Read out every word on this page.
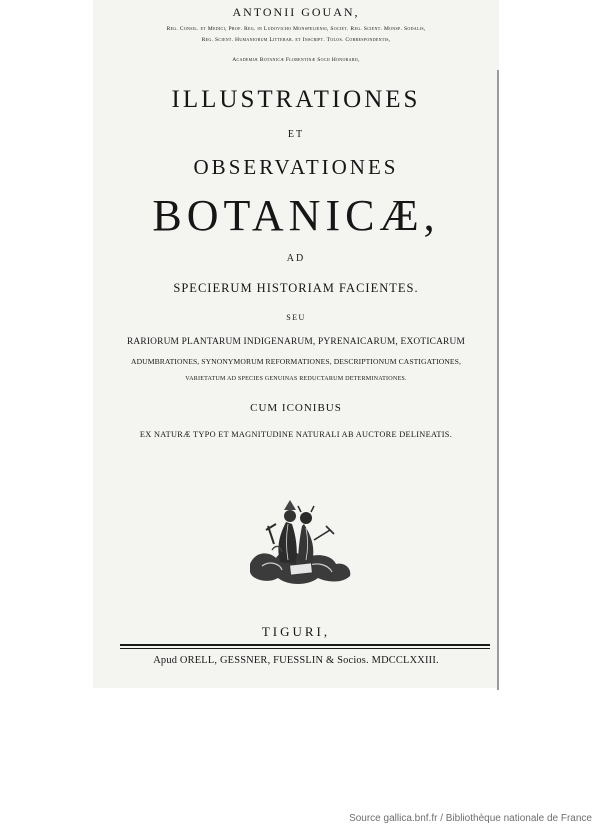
ANTONII GOUAN,
Reg. Consil. et Medici, Prof. Reg. in Ludovicho Monspeliensi, Societ. Reg. Scient. Monsp. Sodalis,
Reg. Scient. Humaniorum Litterar. et Inscript. Tolos. Correspondentis,
Academiæ Botanicæ Florentinæ Socii Honorarii,
ILLUSTRATIONES
ET
OBSERVATIONES
BOTANICÆ,
AD
SPECIERUM HISTORIAM FACIENTES.
SEU
RARIORUM PLANTARUM INDIGENARUM, PYRENAICARUM, EXOTICARUM
ADUMBRATIONES, SYNONYMORUM REFORMATIONES, DESCRIPTIONUM CASTIGATIONES,
VARIETATUM AD SPECIES GENUINAS REDUCTARUM DETERMINATIONES.
CUM ICONIBUS
EX NATURÆ TYPO ET MAGNITUDINE NATURALI AB AUCTORE DELINEATIS.
TIGURI,
Apud ORELL, GESSNER, FUESSLIN & Socios. MDCCLXXIII.
Source gallica.bnf.fr / Bibliothèque nationale de France
